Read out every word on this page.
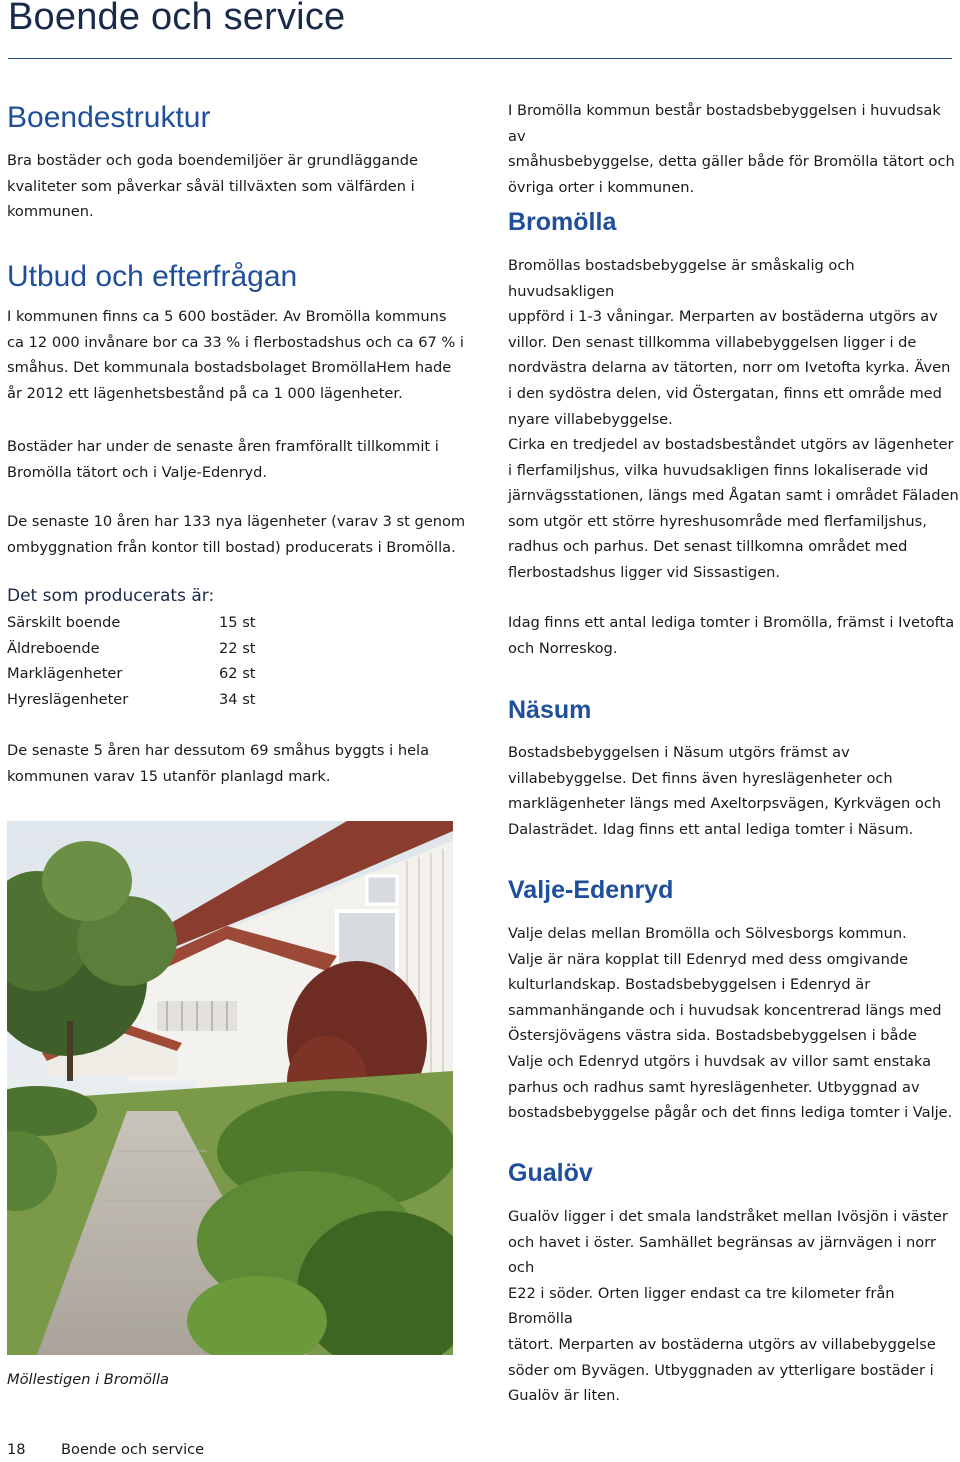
Boende och service
Boendestruktur
Bra bostäder och goda boendemiljöer är grundläggande
kvaliteter som påverkar såväl tillväxten som välfärden i
kommunen.
Utbud och efterfrågan
I kommunen finns ca 5 600 bostäder. Av Bromölla kommuns
ca 12 000 invånare bor ca 33 % i flerbostadshus och ca 67 % i
småhus. Det kommunala bostadsbolaget BromöllaHem hade
år 2012 ett lägenhetsbestånd på ca 1 000 lägenheter.
Bostäder har under de senaste åren framförallt tillkommit i
Bromölla tätort och i Valje-Edenryd.
De senaste 10 åren har 133 nya lägenheter (varav 3 st genom
ombyggnation från kontor till bostad) producerats i Bromölla.
Det som producerats är:
Särskilt boende	15 st
Äldreboende	22 st
Marklägenheter	62 st
Hyreslägenheter	34 st
De senaste 5 åren har dessutom 69 småhus byggts i hela
kommunen varav 15 utanför planlagd mark.

Möllestigen i Bromölla

I Bromölla kommun består bostadsbebyggelsen i huvudsak av
småhusbebyggelse, detta gäller både för Bromölla tätort och
övriga orter i kommunen.
Bromölla
Bromöllas bostadsbebyggelse är småskalig och huvudsakligen
uppförd i 1-3 våningar. Merparten av bostäderna utgörs av
villor. Den senast tillkomma villabebyggelsen ligger i de
nordvästra delarna av tätorten, norr om Ivetofta kyrka. Även
i den sydöstra delen, vid Östergatan, finns ett område med
nyare villabebyggelse.
Cirka en tredjedel av bostadsbeståndet utgörs av lägenheter
i flerfamiljshus, vilka huvudsakligen finns lokaliserade vid
järnvägsstationen, längs med Ågatan samt i området Fäladen
som utgör ett större hyreshusområde med flerfamiljshus,
radhus och parhus. Det senast tillkomna området med
flerbostadshus ligger vid Sissastigen.
Idag finns ett antal lediga tomter i Bromölla, främst i Ivetofta
och Norreskog.
Näsum
Bostadsbebyggelsen i Näsum utgörs främst av
villabebyggelse. Det finns även hyreslägenheter och
marklägenheter längs med Axeltorpsvägen, Kyrkvägen och
Dalasträdet. Idag finns ett antal lediga tomter i Näsum.
Valje-Edenryd
Valje delas mellan Bromölla och Sölvesborgs kommun.
Valje är nära kopplat till Edenryd med dess omgivande
kulturlandskap. Bostadsbebyggelsen i Edenryd är
sammanhängande och i huvudsak koncentrerad längs med
Östersjövägens västra sida. Bostadsbebyggelsen i både
Valje och Edenryd utgörs i huvdsak av villor samt enstaka
parhus och radhus samt hyreslägenheter. Utbyggnad av
bostadsbebyggelse pågår och det finns lediga tomter i Valje.
Gualöv
Gualöv ligger i det smala landstråket mellan Ivösjön i väster
och havet i öster. Samhället begränsas av järnvägen i norr och
E22 i söder. Orten ligger endast ca tre kilometer från Bromölla
tätort. Merparten av bostäderna utgörs av villabebyggelse
söder om Byvägen. Utbyggnaden av ytterligare bostäder i
Gualöv är liten.
18 Boende och service
